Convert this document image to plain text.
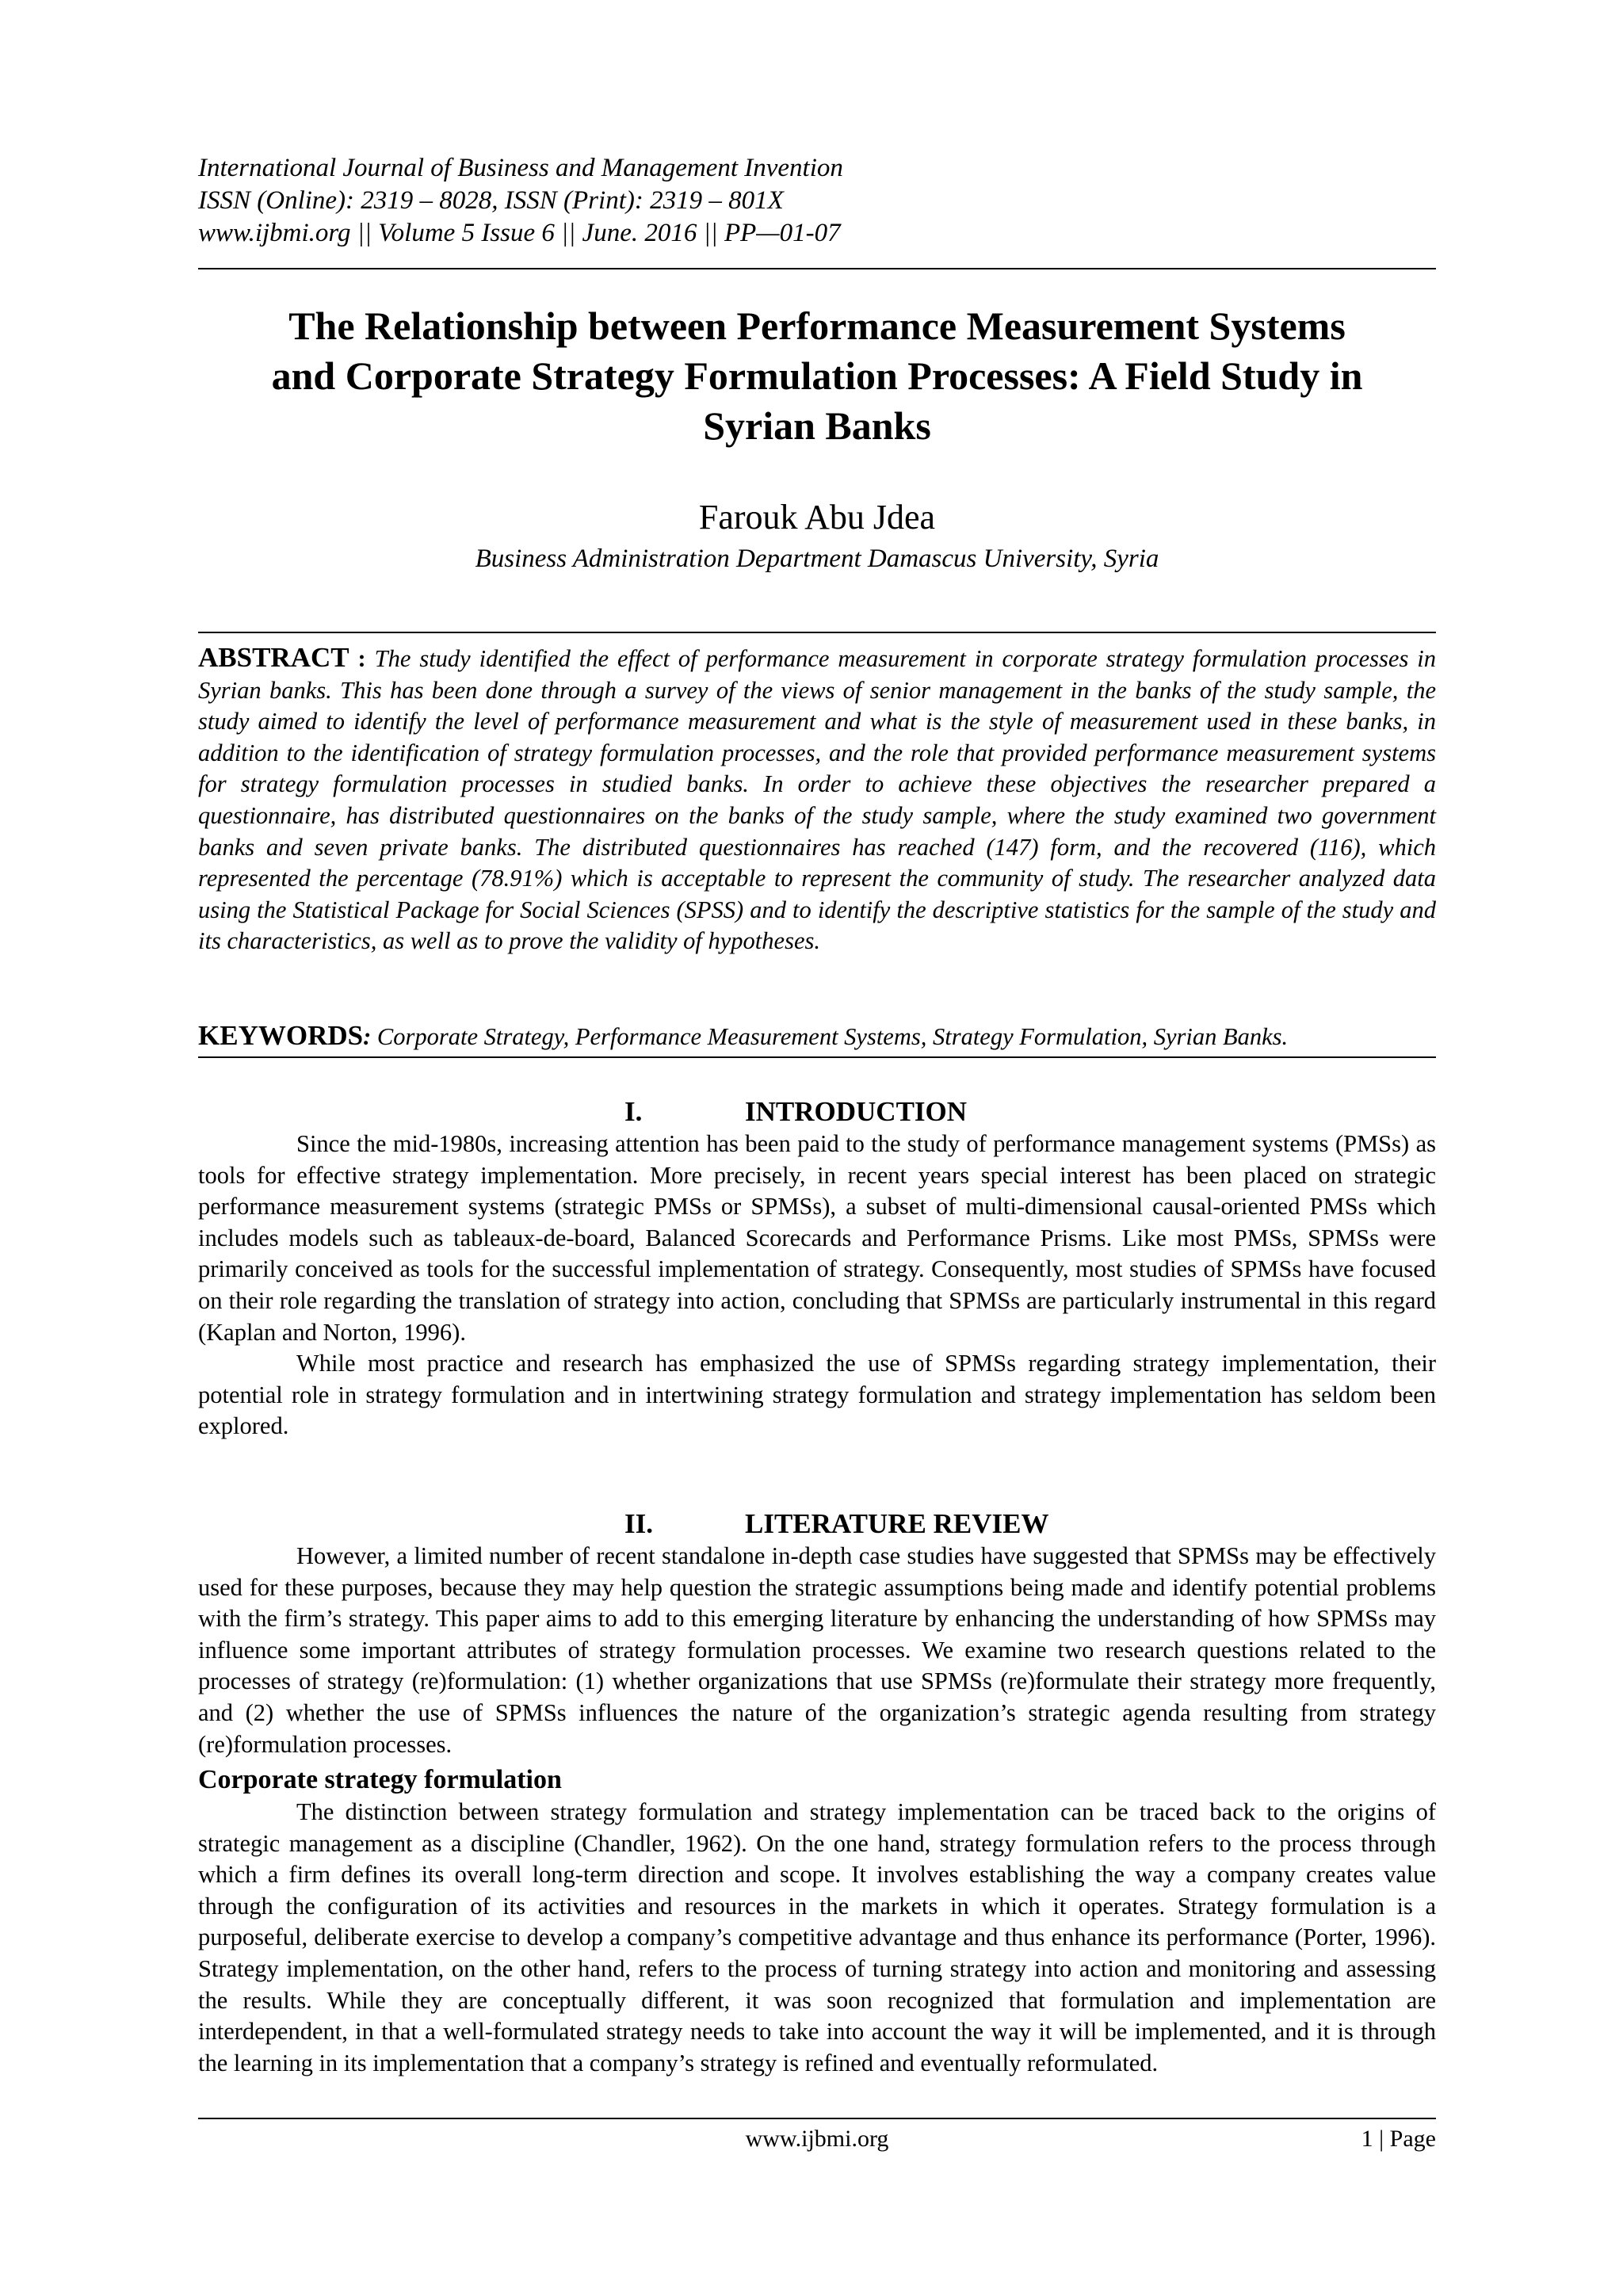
International Journal of Business and Management Invention
ISSN (Online): 2319 – 8028, ISSN (Print): 2319 – 801X
www.ijbmi.org || Volume 5 Issue 6 || June. 2016 || PP—01-07
The Relationship between Performance Measurement Systems
and Corporate Strategy Formulation Processes: A Field Study in
Syrian Banks
Farouk Abu Jdea
Business Administration Department Damascus University, Syria
ABSTRACT : The study identified the effect of performance measurement in corporate strategy formulation processes in Syrian banks. This has been done through a survey of the views of senior management in the banks of the study sample, the study aimed to identify the level of performance measurement and what is the style of measurement used in these banks, in addition to the identification of strategy formulation processes, and the role that provided performance measurement systems for strategy formulation processes in studied banks. In order to achieve these objectives the researcher prepared a questionnaire, has distributed questionnaires on the banks of the study sample, where the study examined two government banks and seven private banks. The distributed questionnaires has reached (147) form, and the recovered (116), which represented the percentage (78.91%) which is acceptable to represent the community of study. The researcher analyzed data using the Statistical Package for Social Sciences (SPSS) and to identify the descriptive statistics for the sample of the study and its characteristics, as well as to prove the validity of hypotheses.
KEYWORDS: Corporate Strategy, Performance Measurement Systems, Strategy Formulation, Syrian Banks.
I.	INTRODUCTION

Since the mid-1980s, increasing attention has been paid to the study of performance management systems (PMSs) as tools for effective strategy implementation. More precisely, in recent years special interest has been placed on strategic performance measurement systems (strategic PMSs or SPMSs), a subset of multi-dimensional causal-oriented PMSs which includes models such as tableaux-de-board, Balanced Scorecards and Performance Prisms. Like most PMSs, SPMSs were primarily conceived as tools for the successful implementation of strategy. Consequently, most studies of SPMSs have focused on their role regarding the translation of strategy into action, concluding that SPMSs are particularly instrumental in this regard (Kaplan and Norton, 1996).

While most practice and research has emphasized the use of SPMSs regarding strategy implementation, their potential role in strategy formulation and in intertwining strategy formulation and strategy implementation has seldom been explored.

II.	LITERATURE REVIEW

However, a limited number of recent standalone in-depth case studies have suggested that SPMSs may be effectively used for these purposes, because they may help question the strategic assumptions being made and identify potential problems with the firm’s strategy. This paper aims to add to this emerging literature by enhancing the understanding of how SPMSs may influence some important attributes of strategy formulation processes. We examine two research questions related to the processes of strategy (re)formulation: (1) whether organizations that use SPMSs (re)formulate their strategy more frequently, and (2) whether the use of SPMSs influences the nature of the organization’s strategic agenda resulting from strategy (re)formulation processes.

Corporate strategy formulation

The distinction between strategy formulation and strategy implementation can be traced back to the origins of strategic management as a discipline (Chandler, 1962). On the one hand, strategy formulation refers to the process through which a firm defines its overall long-term direction and scope. It involves establishing the way a company creates value through the configuration of its activities and resources in the markets in which it operates. Strategy formulation is a purposeful, deliberate exercise to develop a company’s competitive advantage and thus enhance its performance (Porter, 1996). Strategy implementation, on the other hand, refers to the process of turning strategy into action and monitoring and assessing the results. While they are conceptually different, it was soon recognized that formulation and implementation are interdependent, in that a well-formulated strategy needs to take into account the way it will be implemented, and it is through the learning in its implementation that a company’s strategy is refined and eventually reformulated.

www.ijbmi.org	1 | Page
